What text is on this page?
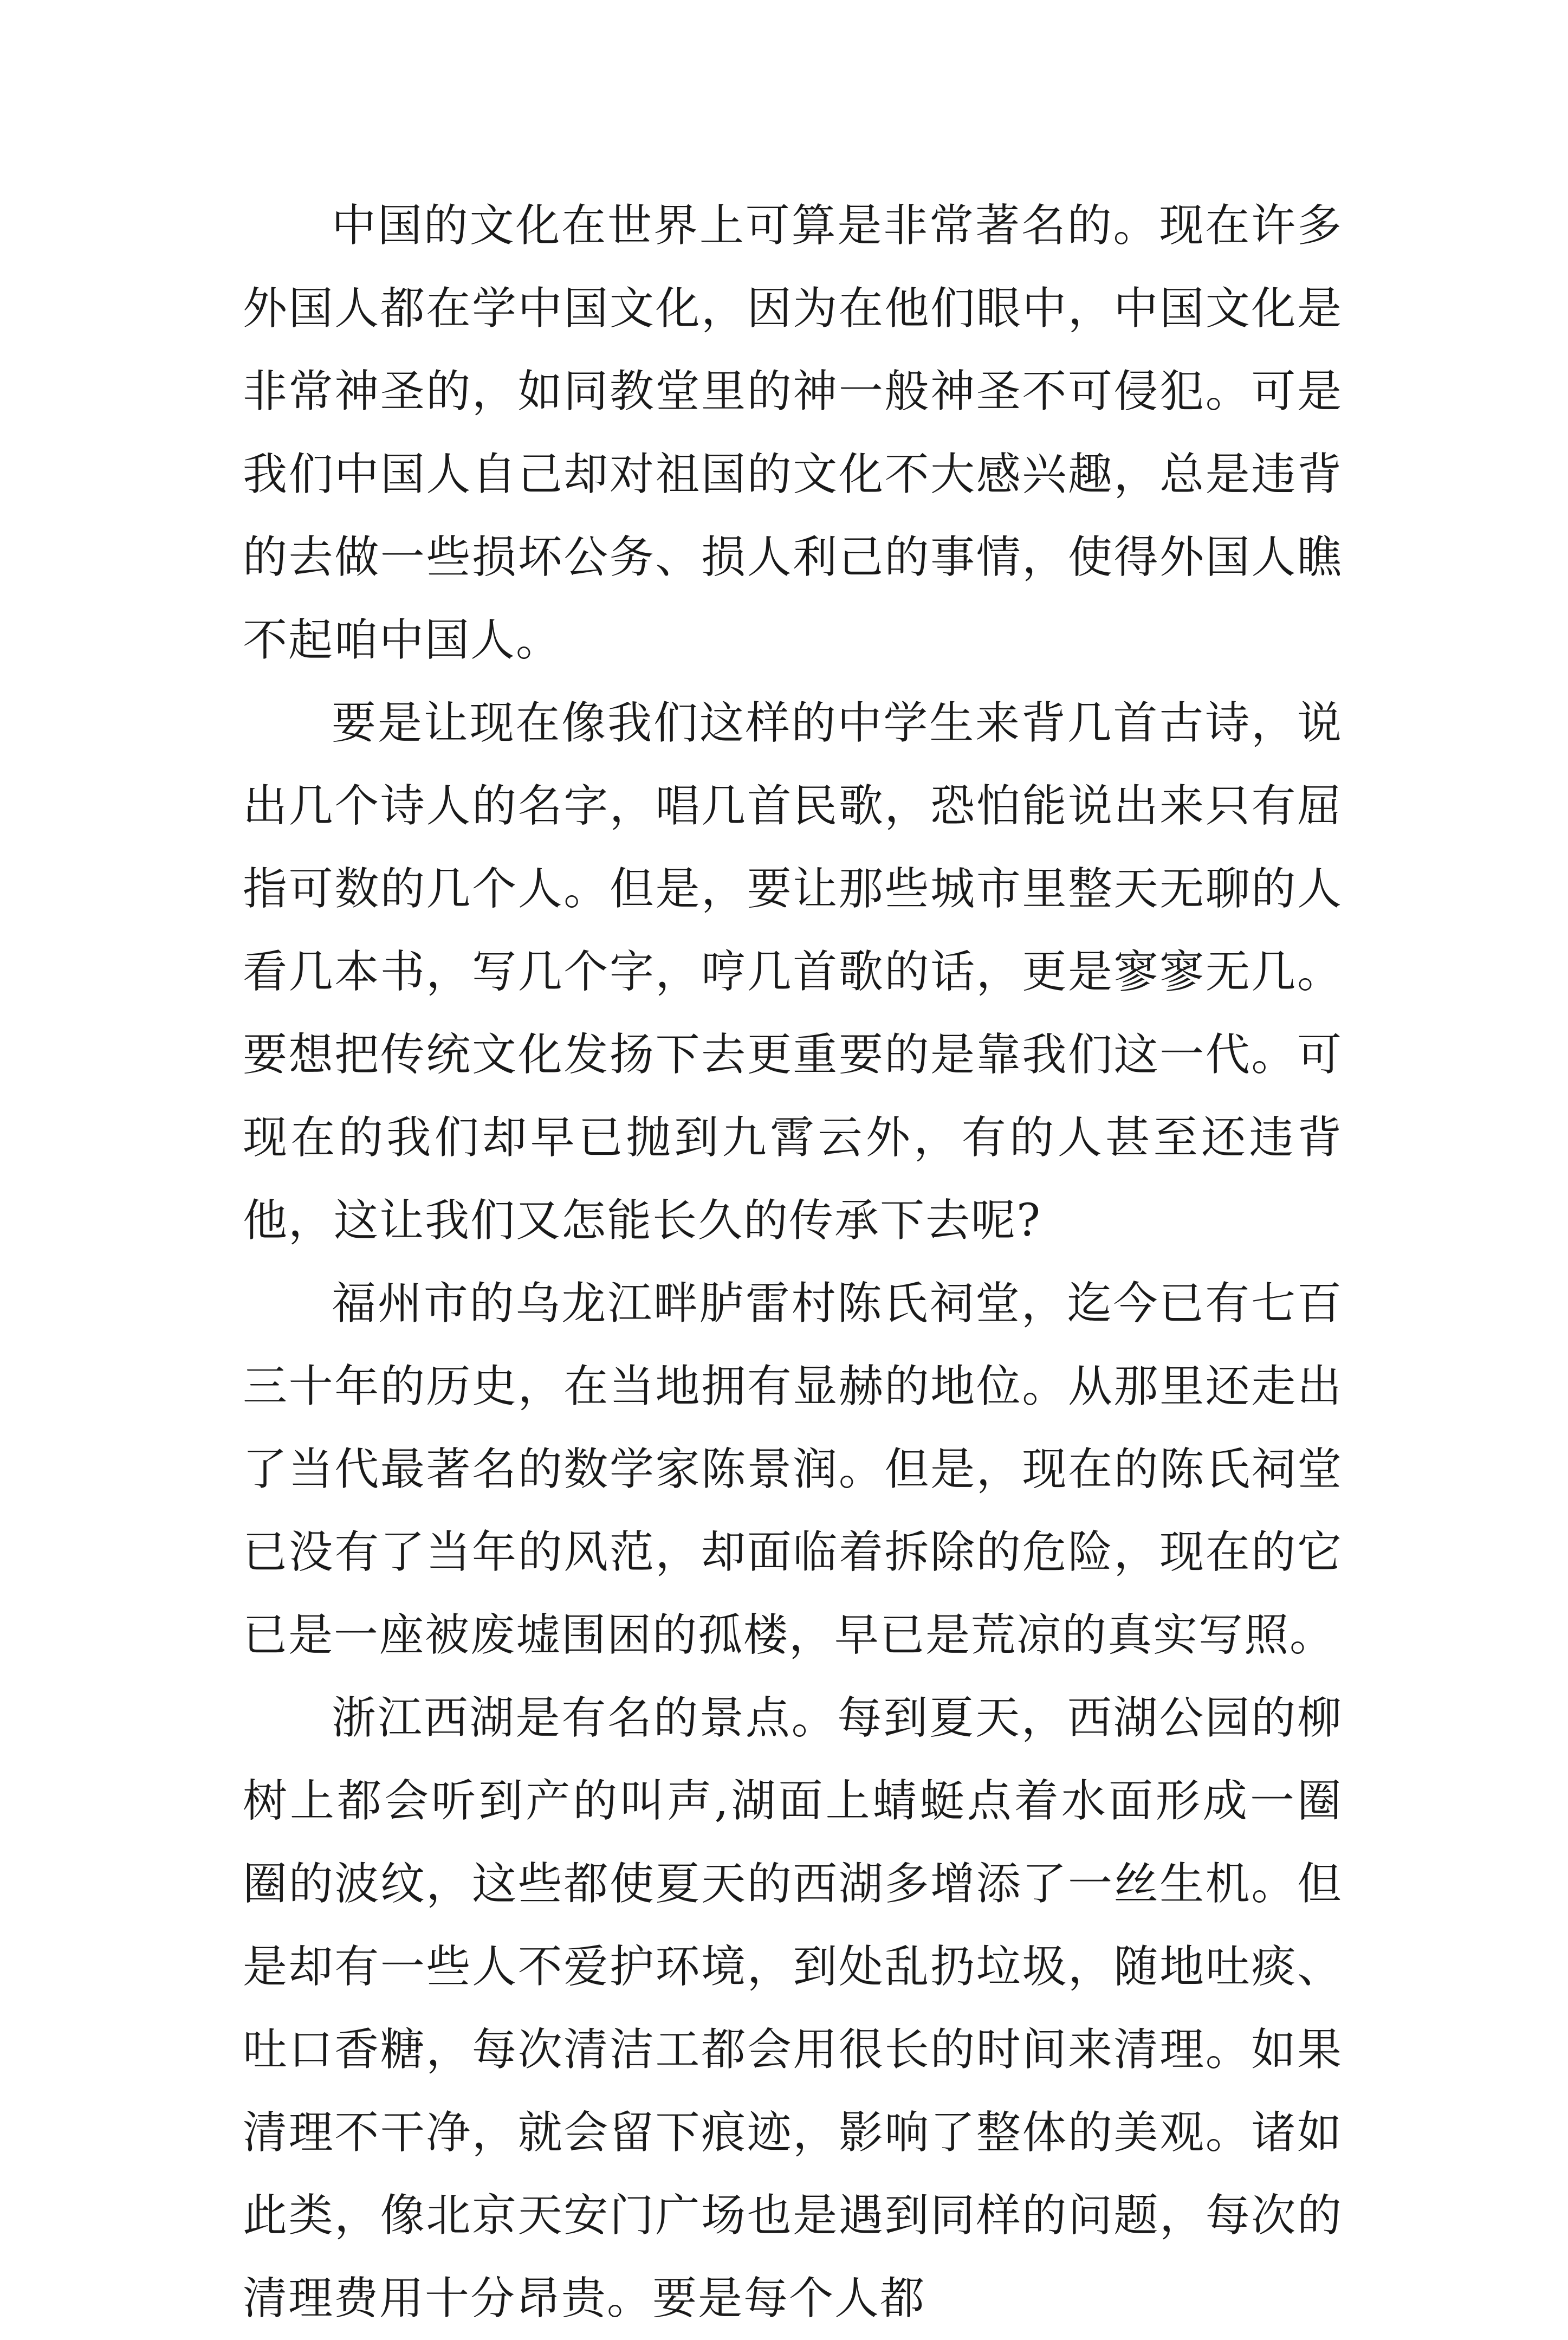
中国的文化在世界上可算是非常著名的。现在许多外国人都在学中国文化，因为在他们眼中，中国文化是非常神圣的，如同教堂里的神一般神圣不可侵犯。可是我们中国人自己却对祖国的文化不大感兴趣，总是违背的去做一些损坏公务、损人利己的事情，使得外国人瞧不起咱中国人。

要是让现在像我们这样的中学生来背几首古诗，说出几个诗人的名字，唱几首民歌，恐怕能说出来只有屈指可数的几个人。但是，要让那些城市里整天无聊的人看几本书，写几个字，哼几首歌的话，更是寥寥无几。要想把传统文化发扬下去更重要的是靠我们这一代。可现在的我们却早已抛到九霄云外，有的人甚至还违背他，这让我们又怎能长久的传承下去呢?

福州市的乌龙江畔胪雷村陈氏祠堂，迄今已有七百三十年的历史，在当地拥有显赫的地位。从那里还走出了当代最著名的数学家陈景润。但是，现在的陈氏祠堂已没有了当年的风范，却面临着拆除的危险，现在的它已是一座被废墟围困的孤楼，早已是荒凉的真实写照。

浙江西湖是有名的景点。每到夏天，西湖公园的柳树上都会听到产的叫声,湖面上蜻蜓点着水面形成一圈圈的波纹，这些都使夏天的西湖多增添了一丝生机。但是却有一些人不爱护环境，到处乱扔垃圾，随地吐痰、吐口香糖，每次清洁工都会用很长的时间来清理。如果清理不干净，就会留下痕迹，影响了整体的美观。诸如此类，像北京天安门广场也是遇到同样的问题，每次的清理费用十分昂贵。要是每个人都
